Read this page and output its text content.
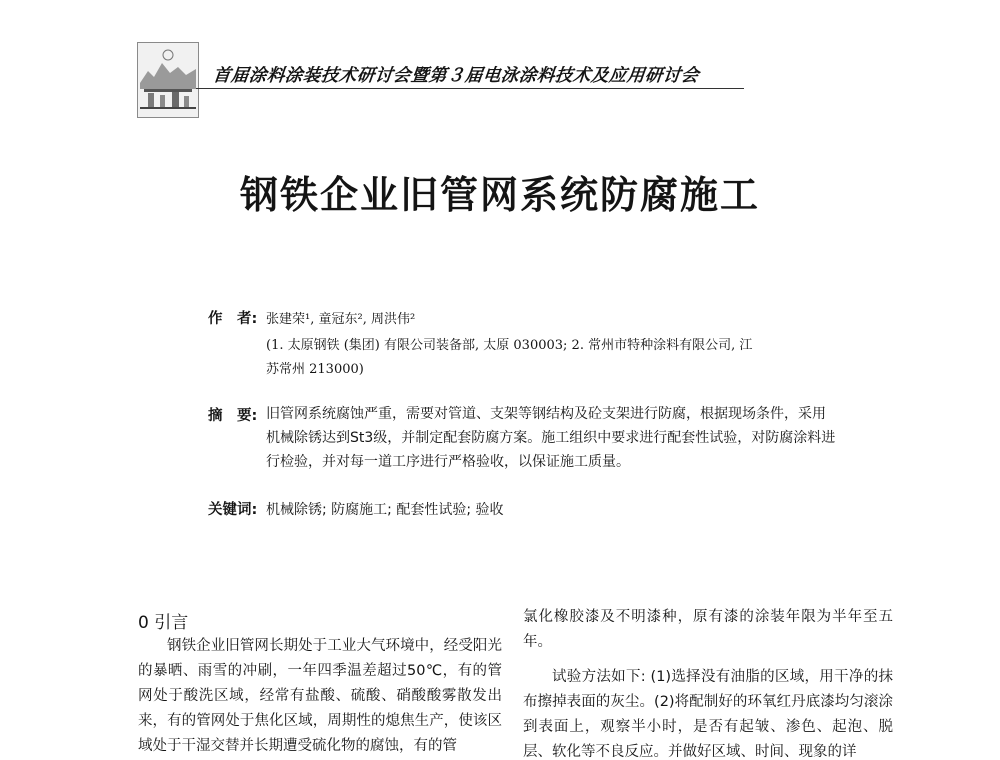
首届涂料涂装技术研讨会暨第３届电泳涂料技术及应用研讨会
钢铁企业旧管网系统防腐施工
作　者: 张建荣¹, 童冠东², 周洪伟²
(1. 太原钢铁 (集团) 有限公司装备部, 太原 030003; 2. 常州市特种涂料有限公司, 江
苏常州 213000)
摘　要: 旧管网系统腐蚀严重，需要对管道、支架等钢结构及砼支架进行防腐，根据现场条件，采用机械除锈达到St3级，并制定配套防腐方案。施工组织中要求进行配套性试验，对防腐涂料进行检验，并对每一道工序进行严格验收，以保证施工质量。
关键词: 机械除锈; 防腐施工; 配套性试验; 验收
0 引言
钢铁企业旧管网长期处于工业大气环境中，经受阳光的暴晒、雨雪的冲刷，一年四季温差超过50℃，有的管网处于酸洗区域，经常有盐酸、硫酸、硝酸酸雾散发出来，有的管网处于焦化区域，周期性的熄焦生产，使该区域处于干湿交替并长期遭受硫化物的腐蚀，有的管
氯化橡胶漆及不明漆种，原有漆的涂装年限为半年至五年。
试验方法如下: (1)选择没有油脂的区域，用干净的抹布擦掉表面的灰尘。(2)将配制好的环氧红丹底漆均匀滚涂到表面上，观察半小时，是否有起皱、渗色、起泡、脱层、软化等不良反应。并做好区域、时间、现象的详
